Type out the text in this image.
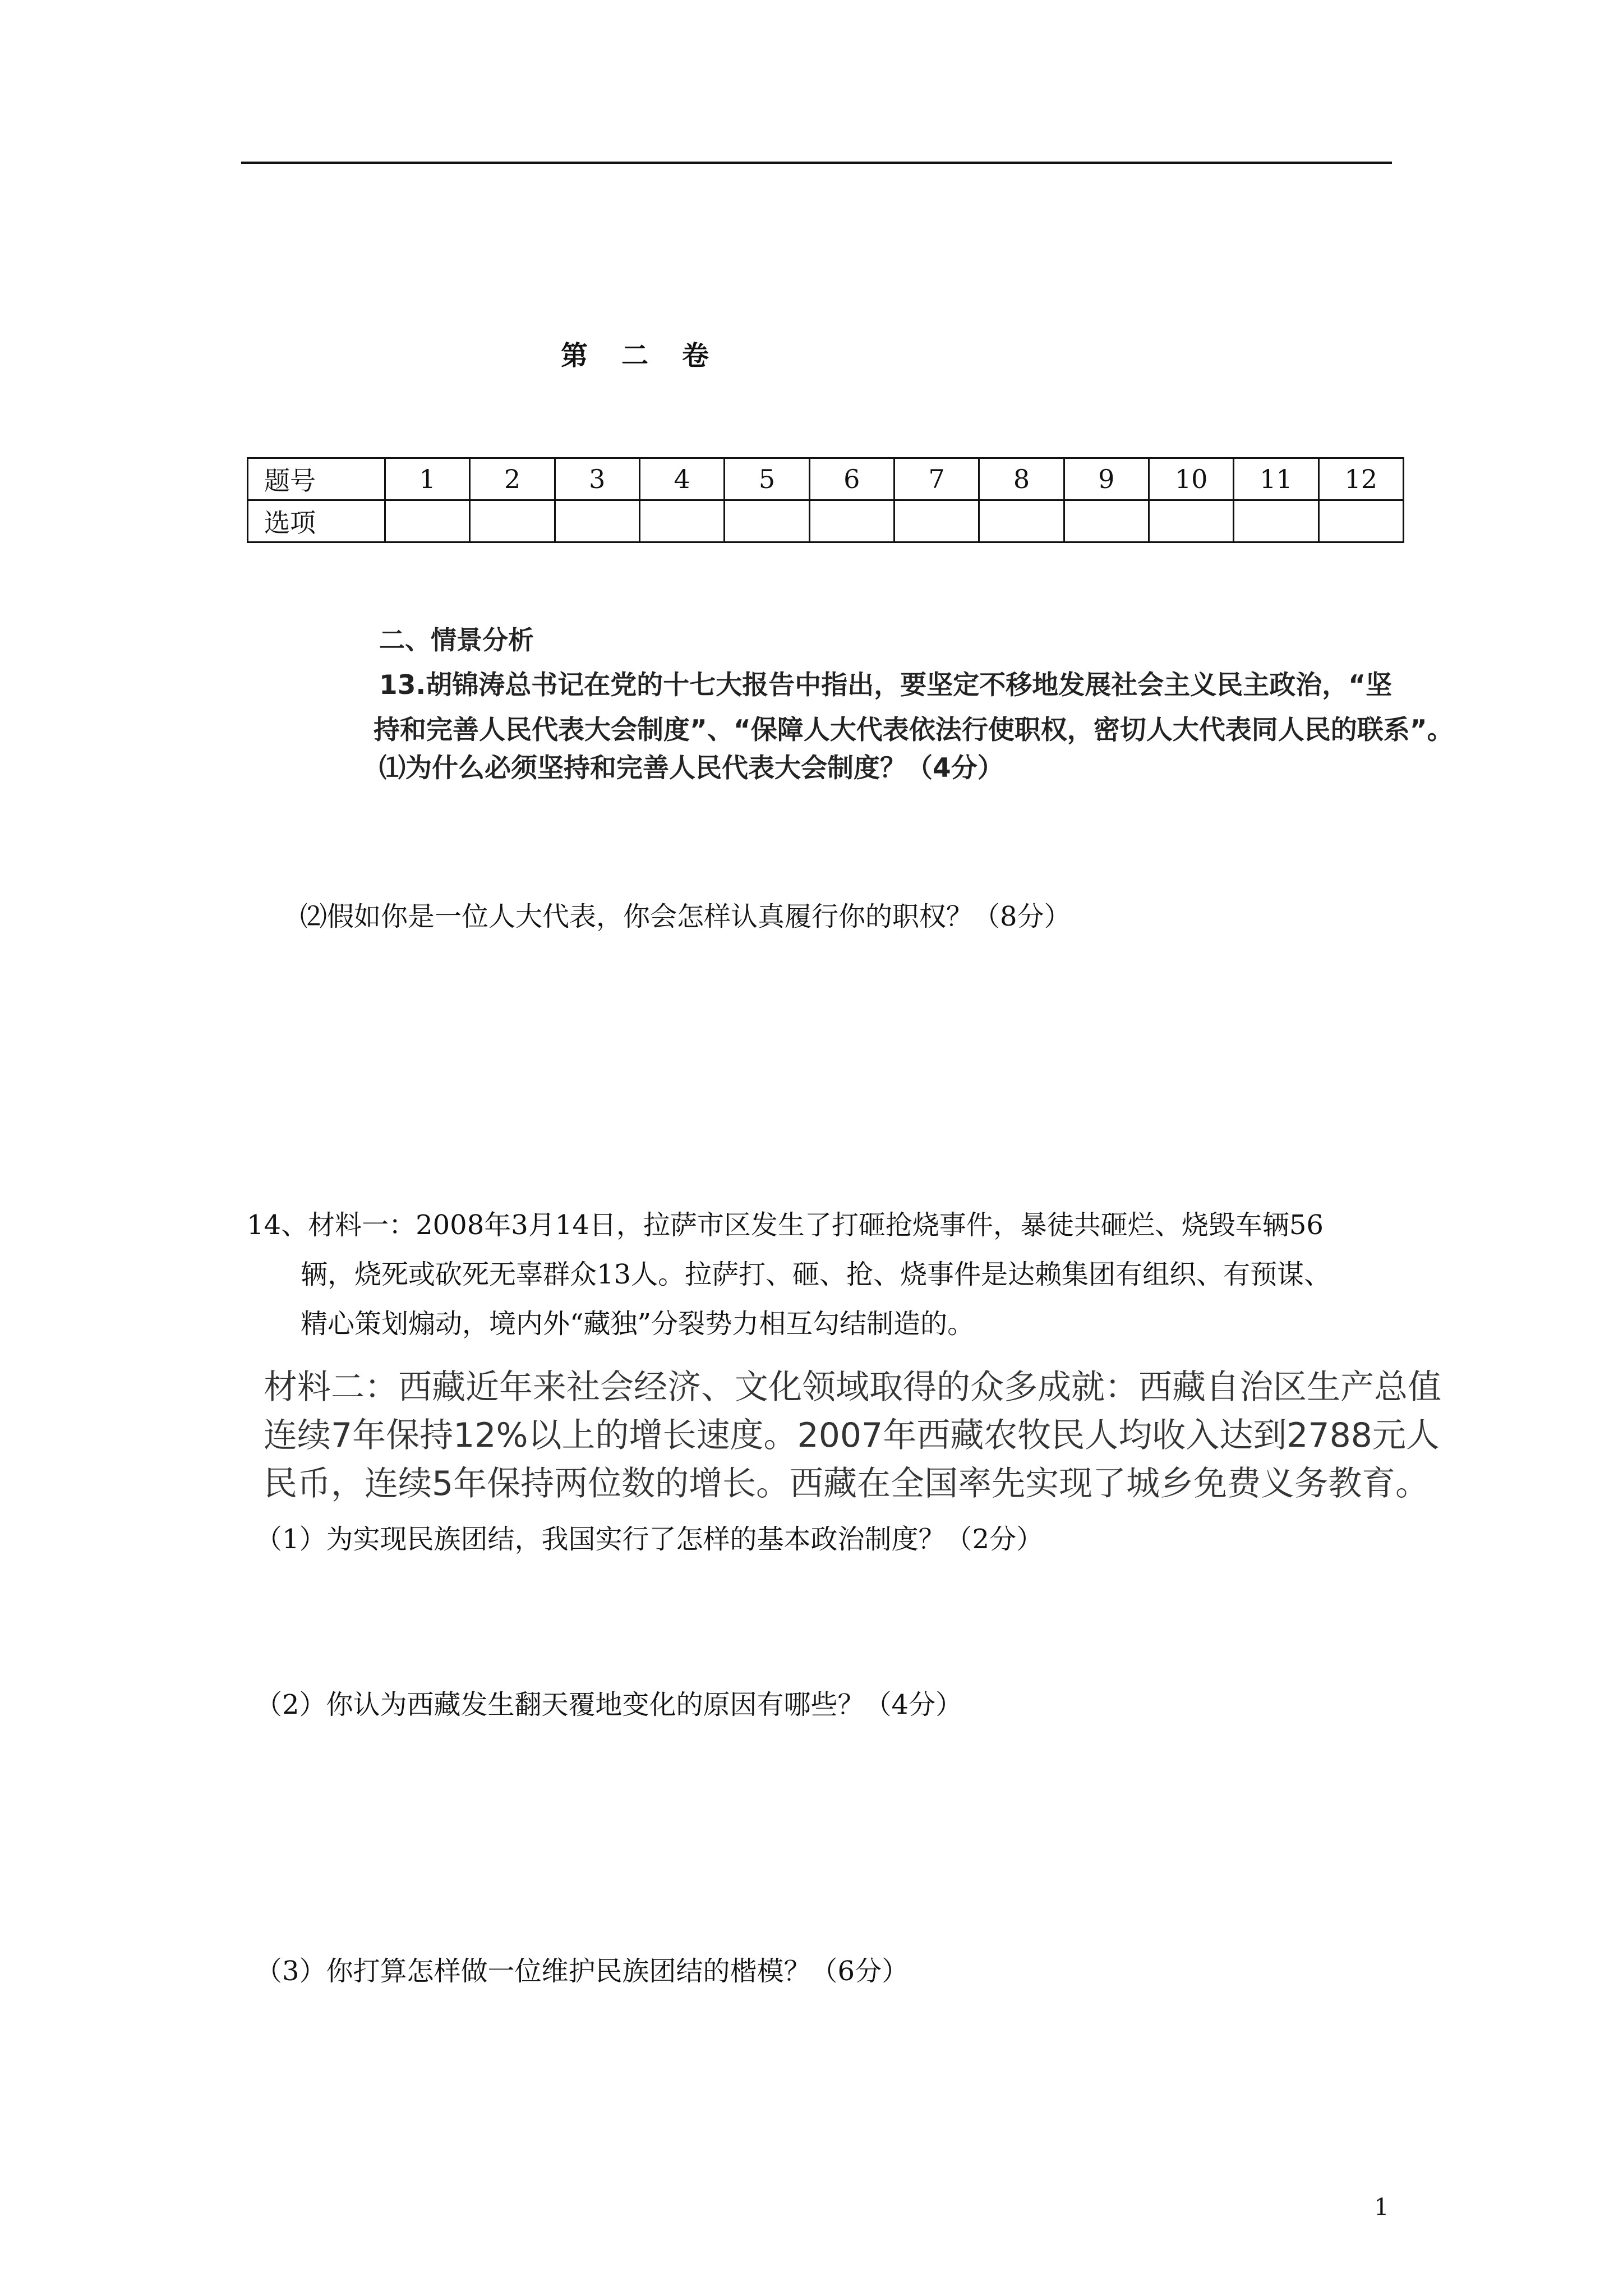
第二卷
题号	1	2	3	4	5	6	7	8	9	10	11	12
选项												
二、情景分析
13.胡锦涛总书记在党的十七大报告中指出，要坚定不移地发展社会主义民主政治，“坚
持和完善人民代表大会制度”、“保障人大代表依法行使职权，密切人大代表同人民的联系”。
⑴为什么必须坚持和完善人民代表大会制度？（4分）
⑵假如你是一位人大代表，你会怎样认真履行你的职权？（8分）
14、材料一：2008年3月14日，拉萨市区发生了打砸抢烧事件，暴徒共砸烂、烧毁车辆56
辆，烧死或砍死无辜群众13人。拉萨打、砸、抢、烧事件是达赖集团有组织、有预谋、
精心策划煽动，境内外“藏独”分裂势力相互勾结制造的。
材料二：西藏近年来社会经济、文化领域取得的众多成就：西藏自治区生产总值
连续7年保持12%以上的增长速度。2007年西藏农牧民人均收入达到2788元人
民币，连续5年保持两位数的增长。西藏在全国率先实现了城乡免费义务教育。
（1）为实现民族团结，我国实行了怎样的基本政治制度？（2分）
（2）你认为西藏发生翻天覆地变化的原因有哪些？（4分）
（3）你打算怎样做一位维护民族团结的楷模？（6分）
1
